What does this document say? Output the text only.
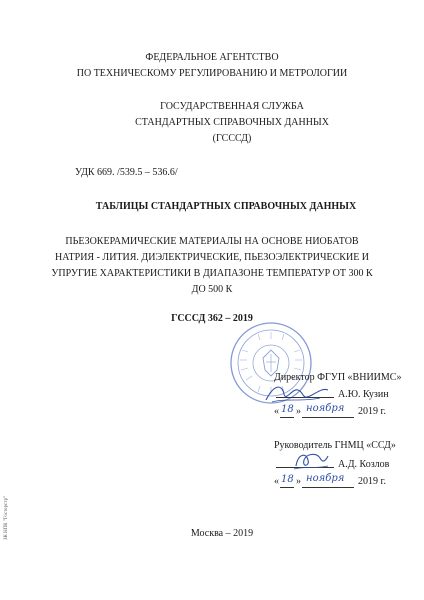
ФЕДЕРАЛЬНОЕ АГЕНТСТВО
ПО ТЕХНИЧЕСКОМУ РЕГУЛИРОВАНИЮ И МЕТРОЛОГИИ
ГОСУДАРСТВЕННАЯ СЛУЖБА
СТАНДАРТНЫХ СПРАВОЧНЫХ ДАННЫХ
(ГСССД)
УДК 669. /539.5 – 536.6/
ТАБЛИЦЫ СТАНДАРТНЫХ СПРАВОЧНЫХ ДАННЫХ
ПЬЕЗОКЕРАМИЧЕСКИЕ МАТЕРИАЛЫ НА ОСНОВЕ НИОБАТОВ
НАТРИЯ - ЛИТИЯ. ДИЭЛЕКТРИЧЕСКИЕ, ПЬЕЗОЭЛЕКТРИЧЕСКИЕ И
УПРУГИЕ ХАРАКТЕРИСТИКИ В ДИАПАЗОНЕ ТЕМПЕРАТУР ОТ 300 К
ДО 500 К
ГСССД 362 – 2019
Директор ФГУП «ВНИИМС»
А.Ю. Кузин
« 18 » ноября 2019 г.
Руководитель ГНМЦ «ССД»
А.Д. Козлов
« 18 » ноября 2019 г.
Москва – 2019
ЗК НПК "Гостерстр"
